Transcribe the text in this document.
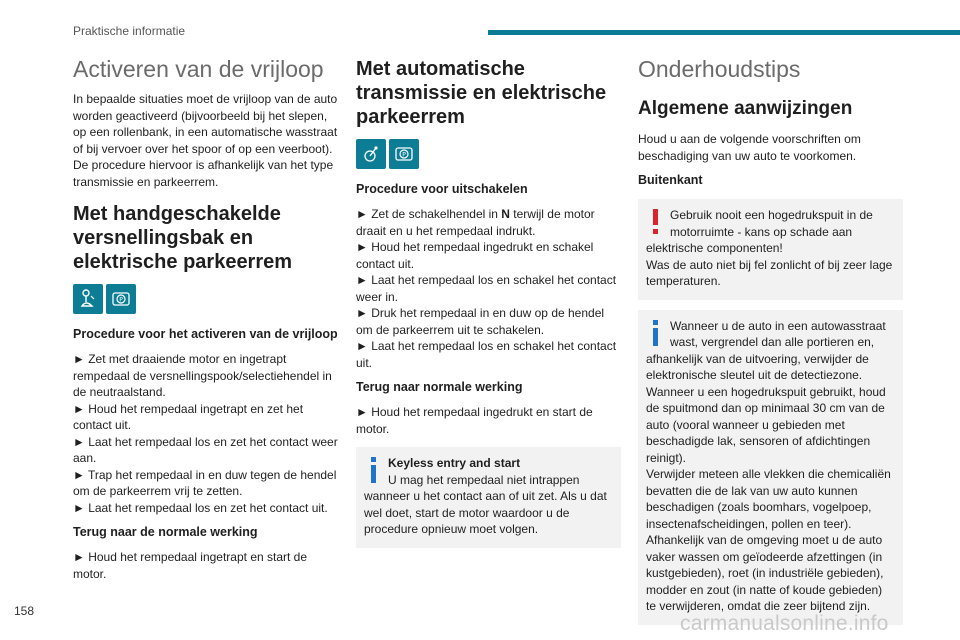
Praktische informatie
Activeren van de vrijloop

In bepaalde situaties moet de vrijloop van de auto worden geactiveerd (bijvoorbeeld bij het slepen, op een rollenbank, in een automatische wasstraat of bij vervoer over het spoor of op een veerboot).

De procedure hiervoor is afhankelijk van het type transmissie en parkeerrem.

Met handgeschakelde versnellingsbak en elektrische parkeerrem
P
Procedure voor het activeren van de vrijloop

► Zet met draaiende motor en ingetrapt rempedaal de versnellingspook/selectiehendel in de neutraalstand.

► Houd het rempedaal ingetrapt en zet het contact uit.

► Laat het rempedaal los en zet het contact weer aan.

► Trap het rempedaal in en duw tegen de hendel om de parkeerrem vrij te zetten.

► Laat het rempedaal los en zet het contact uit.

Terug naar de normale werking

► Houd het rempedaal ingetrapt en start de motor.

Met automatische transmissie en elektrische parkeerrem
P
Procedure voor uitschakelen

► Zet de schakelhendel in N terwijl de motor draait en u het rempedaal indrukt.

► Houd het rempedaal ingedrukt en schakel contact uit.

► Laat het rempedaal los en schakel het contact weer in.

► Druk het rempedaal in en duw op de hendel om de parkeerrem uit te schakelen.

► Laat het rempedaal los en schakel het contact uit.

Terug naar normale werking

► Houd het rempedaal ingedrukt en start de motor.

Keyless entry and start
U mag het rempedaal niet intrappen wanneer u het contact aan of uit zet. Als u dat wel doet, start de motor waardoor u de procedure opnieuw moet volgen.
Onderhoudstips
Algemene aanwijzingen

Houd u aan de volgende voorschriften om beschadiging van uw auto te voorkomen.

Buitenkant
Gebruik nooit een hogedrukspuit in de motorruimte - kans op schade aan elektrische componenten!
Was de auto niet bij fel zonlicht of bij zeer lage temperaturen.
Wanneer u de auto in een autowasstraat wast, vergrendel dan alle portieren en, afhankelijk van de uitvoering, verwijder de elektronische sleutel uit de detectiezone.
Wanneer u een hogedrukspuit gebruikt, houd de spuitmond dan op minimaal 30 cm van de auto (vooral wanneer u gebieden met beschadigde lak, sensoren of afdichtingen reinigt).
Verwijder meteen alle vlekken die chemicaliën bevatten die de lak van uw auto kunnen beschadigen (zoals boomhars, vogelpoep, insectenafscheidingen, pollen en teer).
Afhankelijk van de omgeving moet u de auto vaker wassen om geïodeerde afzettingen (in kustgebieden), roet (in industriële gebieden), modder en zout (in natte of koude gebieden) te verwijderen, omdat die zeer bijtend zijn.
158
carmanualsonline.info
